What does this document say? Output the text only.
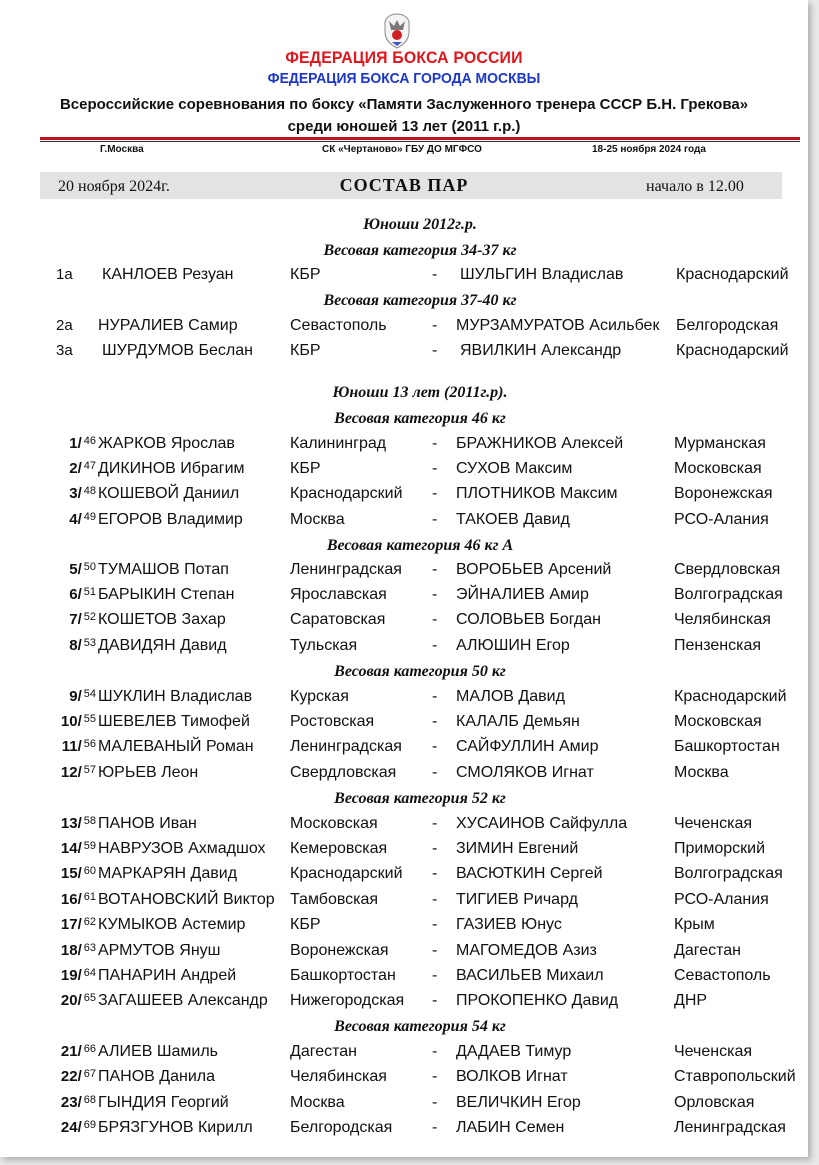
ФЕДЕРАЦИЯ БОКСА РОССИИ
ФЕДЕРАЦИЯ БОКСА ГОРОДА МОСКВЫ
Всероссийские соревнования по боксу «Памяти Заслуженного тренера СССР Б.Н. Грекова»
среди юношей 13 лет (2011 г.р.)
Г.Москва	СК «Чертаново» ГБУ ДО МГФСО	18-25 ноября 2024 года
20 ноября 2024г.	СОСТАВ ПАР	начало в 12.00
Юноши 2012г.р.
Весовая категория 34-37 кг
Весовая категория 37-40 кг
Юноши 13 лет (2011г.р).
Весовая категория 46 кг
Весовая категория 46 кг А
Весовая категория 50 кг
Весовая категория 52 кг
Весовая категория 54 кг
1а КАНЛОЕВ Резуан	КБР	- ШУЛЬГИН Владислав	Краснодарский
2а НУРАЛИЕВ Самир	Севастополь	- МУРЗАМУРАТОВ Асильбек Белгородская
3а ШУРДУМОВ Беслан КБР	- ЯВИЛКИН Александр	Краснодарский
1/ $^{46}$ ЖАРКОВ Ярослав	Калининград	- БРАЖНИКОВ Алексей	Мурманская
2/ $^{47}$ ДИКИНОВ Ибрагим	КБР	- СУХОВ Максим	Московская
3/ $^{48}$ КОШЕВОЙ Даниил	Краснодарский - ПЛОТНИКОВ Максим	Воронежская
4/ $^{49}$ ЕГОРОВ Владимир	Москва	- ТАКОЕВ Давид	РСО-Алания
5/ $^{50}$ ТУМАШОВ Потап	Ленинградская - ВОРОБЬЕВ Арсений	Свердловская
6/ $^{51}$ БАРЫКИН Степан	Ярославская	- ЭЙНАЛИЕВ Амир	Волгоградская
7/ $^{52}$ КОШЕТОВ Захар	Саратовская	- СОЛОВЬЕВ Богдан	Челябинская
8/ $^{53}$ ДАВИДЯН Давид	Тульская	- АЛЮШИН Егор	Пензенская
9/ $^{54}$ ШУКЛИН Владислав Курская	- МАЛОВ Давид	Краснодарский
10/ $^{55}$ ШЕВЕЛЕВ Тимофей	Ростовская	- КАЛАЛБ Демьян	Московская
11/ $^{56}$ МАЛЕВАНЫЙ Роман Ленинградская - САЙФУЛЛИН Амир	Башкортостан
12/ $^{57}$ ЮРЬЕВ Леон	Свердловская - СМОЛЯКОВ Игнат	Москва
13/ $^{58}$ ПАНОВ Иван	Московская	- ХУСАИНОВ Сайфулла	Чеченская
14/ $^{59}$ НАВРУЗОВ Ахмадшох Кемеровская	- ЗИМИН Евгений	Приморский
15/ $^{60}$ МАРКАРЯН Давид	Краснодарский - ВАСЮТКИН Сергей	Волгоградская
16/ $^{61}$ ВОТАНОВСКИЙ Виктор Тамбовская	- ТИГИЕВ Ричард	РСО-Алания
17/ $^{62}$ КУМЫКОВ Астемир	КБР	- ГАЗИЕВ Юнус	Крым
18/ $^{63}$ АРМУТОВ Януш	Воронежская	- МАГОМЕДОВ Азиз	Дагестан
19/ $^{64}$ ПАНАРИН Андрей	Башкортостан - ВАСИЛЬЕВ Михаил	Севастополь
20/ $^{65}$ ЗАГАШЕЕВ Александр Нижегородская - ПРОКОПЕНКО Давид	ДНР
21/ $^{66}$ АЛИЕВ Шамиль	Дагестан	- ДАДАЕВ Тимур	Чеченская
22/ $^{67}$ ПАНОВ Данила	Челябинская	- ВОЛКОВ Игнат	Ставропольский
23/ $^{68}$ ГЫНДИЯ Георгий	Москва	- ВЕЛИЧКИН Егор	Орловская
24/ $^{69}$ БРЯЗГУНОВ Кирилл Белгородская - ЛАБИН Семен	Ленинградская
